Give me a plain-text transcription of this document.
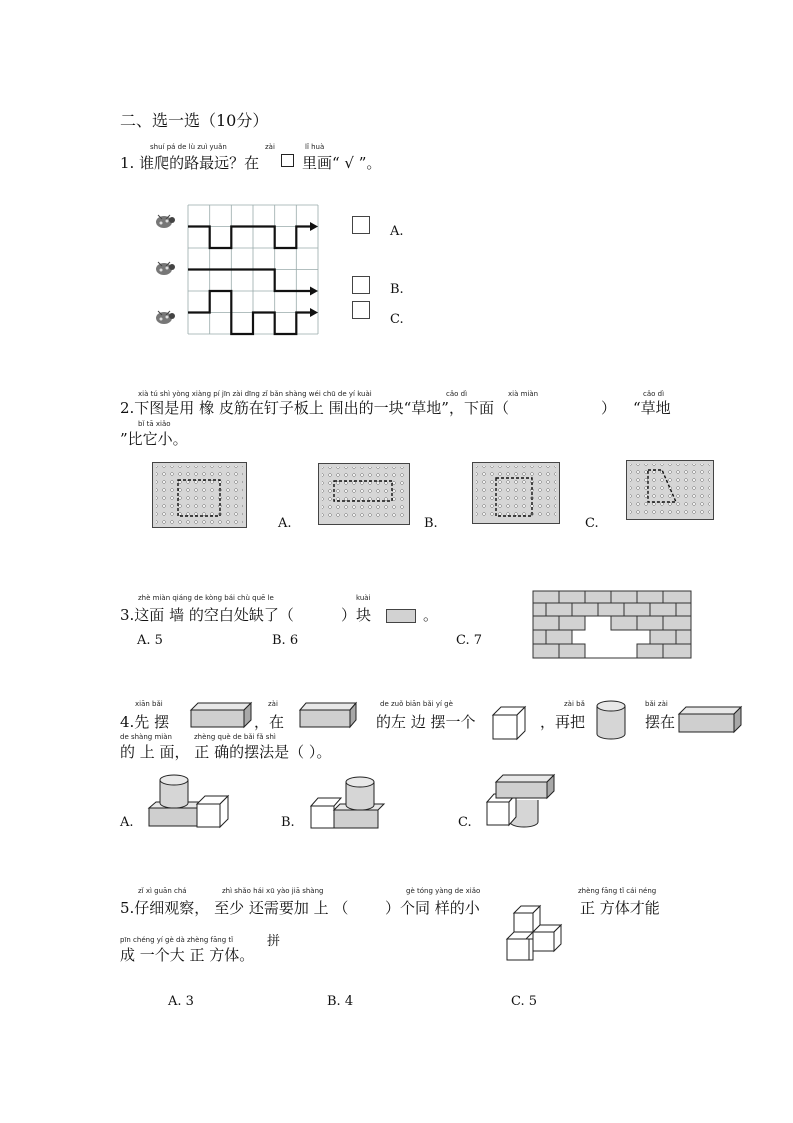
二、选一选（10分）
shuí pá de lù zuì yuǎn	zài	lǐ huà
1. 谁爬的路最远？在	里画“ √ ”。
A.
B.
C.
xià tú shì yòng xiàng pí jīn zài dīng zǐ bǎn shàng wéi chū de yí kuài	cǎo dì	xià miàn	cǎo dì
2.下图是用 橡 皮筋在钉子板上 围出的一块“草地”，下面（	） “草地
bǐ tā xiǎo
”比它小。
A.	B.	C.
zhè miàn qiáng de kòng bái chù quē le	kuài
3.这面 墙 的空白处缺了（	）块	。
A. 5	B. 6	C. 7
xiān bǎi	zài	de zuǒ biān bǎi yí gè	zài bǎ	bǎi zài
4.先 摆	，在	的左 边 摆一个	，再把	摆在
de shàng miàn	zhèng què de bǎi fǎ shì
的 上 面， 正 确的摆法是（ ）。
A.	B.	C.
zǐ xì guān chá	zhì shǎo hái xū yào jiā shàng	gè tóng yàng de xiǎo	zhèng fāng tǐ cái néng
5.仔细观察， 至少 还需要加 上 （ ）个同 样的小	正 方体才能
pīn chéng yí gè dà zhèng fāng tǐ	拼
成 一个大 正 方体。
A. 3	B. 4	C. 5
